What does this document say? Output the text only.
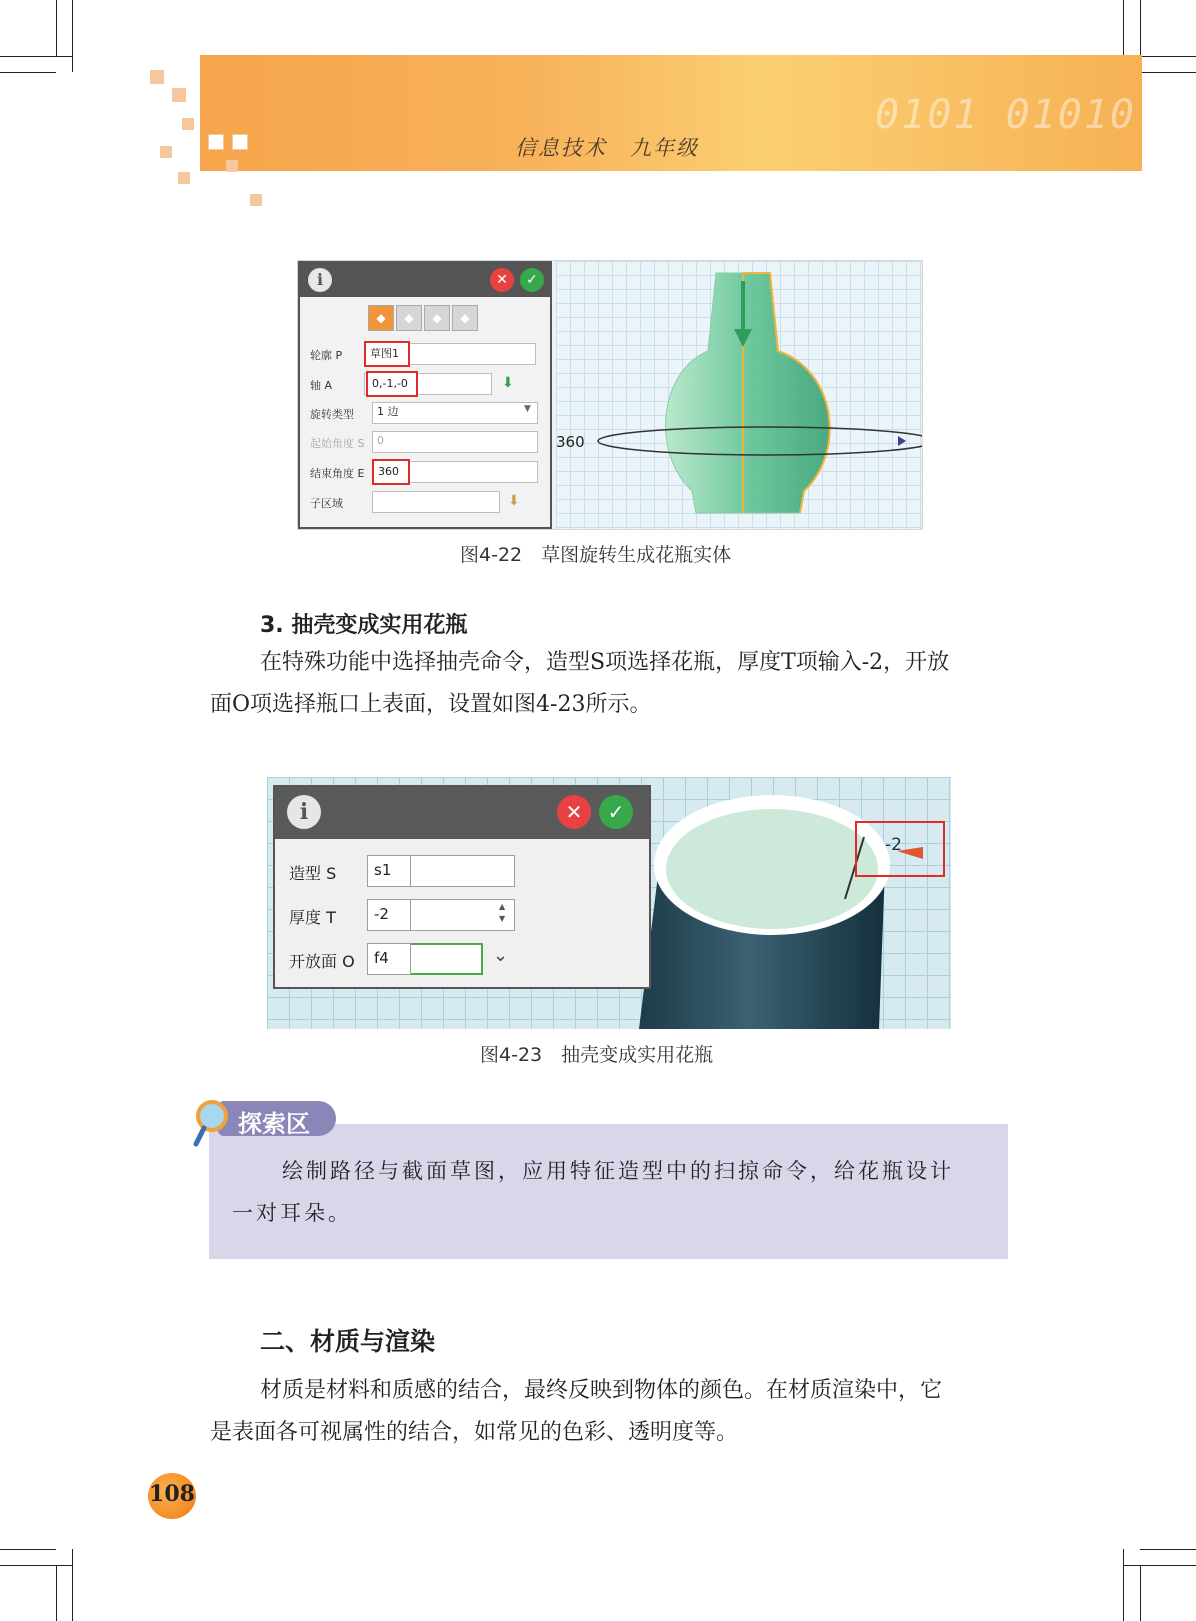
0101 01010
信息技术　九年级
360
i	✕	✓
◆	◆	◆	◆
轮廓 P	草图1
轴 A	0,-1,-0	⬇
旋转类型	1 边	▼
起始角度 S	0
结束角度 E	360
子区域	⬇
图4-22　草图旋转生成花瓶实体
3. 抽壳变成实用花瓶
在特殊功能中选择抽壳命令，造型S项选择花瓶，厚度T项输入-2，开放
面O项选择瓶口上表面，设置如图4-23所示。
-2
i	✕	✓
造型 S	s1
厚度 T	-2	▲
▼
开放面 O	f4	⌄
图4-23　抽壳变成实用花瓶
探索区
绘制路径与截面草图，应用特征造型中的扫掠命令，给花瓶设计
一对耳朵。
二、材质与渲染
材质是材料和质感的结合，最终反映到物体的颜色。在材质渲染中，它
是表面各可视属性的结合，如常见的色彩、透明度等。
108
